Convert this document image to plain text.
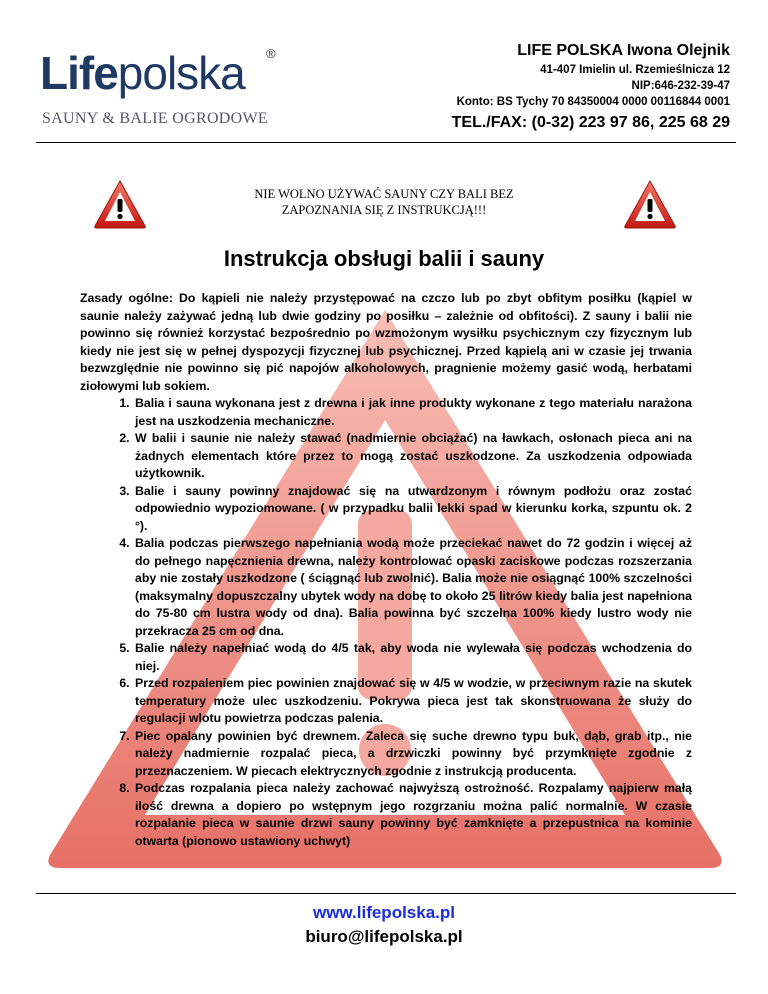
Lifepolska ®
SAUNY & BALIE OGRODOWE
LIFE POLSKA Iwona Olejnik
41-407 Imielin ul. Rzemieślnicza 12
NIP:646-232-39-47
Konto: BS Tychy 70 84350004 0000 00116844 0001
TEL./FAX: (0-32) 223 97 86, 225 68 29
NIE WOLNO UŻYWAĆ SAUNY CZY BALI BEZ
ZAPOZNANIA SIĘ Z INSTRUKCJĄ!!!
Instrukcja obsługi balii i sauny

Zasady ogólne: Do kąpieli nie należy przystępować na czczo lub po zbyt obfitym posiłku (kąpiel w saunie należy zażywać jedną lub dwie godziny po posiłku – zależnie od obfitości). Z sauny i balii nie powinno się również korzystać bezpośrednio po wzmożonym wysiłku psychicznym czy fizycznym lub kiedy nie jest się w pełnej dyspozycji fizycznej lub psychicznej. Przed kąpielą ani w czasie jej trwania bezwzględnie nie powinno się pić napojów alkoholowych, pragnienie możemy gasić wodą, herbatami ziołowymi lub sokiem.

1. Balia i sauna wykonana jest z drewna i jak inne produkty wykonane z tego materiału narażona jest na uszkodzenia mechaniczne.
2. W balii i saunie nie należy stawać (nadmiernie obciążać) na ławkach, osłonach pieca ani na żadnych elementach które przez to mogą zostać uszkodzone. Za uszkodzenia odpowiada użytkownik.
3. Balie i sauny powinny znajdować się na utwardzonym i równym podłożu oraz zostać odpowiednio wypoziomowane. ( w przypadku balii lekki spad w kierunku korka, szpuntu ok. 2 °).
4. Balia podczas pierwszego napełniania wodą może przeciekać nawet do 72 godzin i więcej aż do pełnego napęcznienia drewna, należy kontrolować opaski zaciskowe podczas rozszerzania aby nie zostały uszkodzone ( ściągnąć lub zwolnić). Balia może nie osiągnąć 100% szczelności (maksymalny dopuszczalny ubytek wody na dobę to około 25 litrów kiedy balia jest napełniona do 75-80 cm lustra wody od dna). Balia powinna być szczelna 100% kiedy lustro wody nie przekracza 25 cm od dna.
5. Balie należy napełniać wodą do 4/5 tak, aby woda nie wylewała się podczas wchodzenia do niej.
6. Przed rozpaleniem piec powinien znajdować się w 4/5 w wodzie, w przeciwnym razie na skutek temperatury może ulec uszkodzeniu. Pokrywa pieca jest tak skonstruowana że służy do regulacji wlotu powietrza podczas palenia.
7. Piec opalany powinien być drewnem. Zaleca się suche drewno typu buk, dąb, grab itp., nie należy nadmiernie rozpalać pieca, a drzwiczki powinny być przymknięte zgodnie z przeznaczeniem. W piecach elektrycznych zgodnie z instrukcją producenta.
8. Podczas rozpalania pieca należy zachować najwyższą ostrożność. Rozpalamy najpierw małą ilość drewna a dopiero po wstępnym jego rozgrzaniu można palić normalnie. W czasie rozpalanie pieca w saunie drzwi sauny powinny być zamknięte a przepustnica na kominie otwarta (pionowo ustawiony uchwyt)
www.lifepolska.pl
biuro@lifepolska.pl
